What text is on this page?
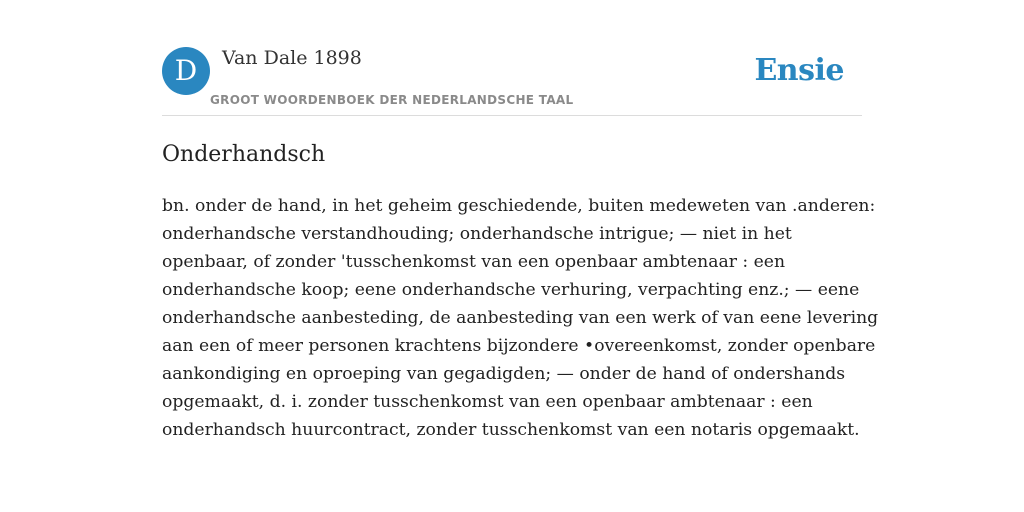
D	Van Dale 1898
GROOT WOORDENBOEK DER NEDERLANDSCHE TAAL
Ensie
Onderhandsch

bn. onder de hand, in het geheim geschiedende, buiten medeweten van .anderen:
onderhandsche verstandhouding; onderhandsche intrigue; — niet in het
openbaar, of zonder 'tusschenkomst van een openbaar ambtenaar : een
onderhandsche koop; eene onderhandsche verhuring, verpachting enz.; — eene
onderhandsche aanbesteding, de aanbesteding van een werk of van eene levering
aan een of meer personen krachtens bijzondere •overeenkomst, zonder openbare
aankondiging en oproeping van gegadigden; — onder de hand of ondershands
opgemaakt, d. i. zonder tusschenkomst van een openbaar ambtenaar : een
onderhandsch huurcontract, zonder tusschenkomst van een notaris opgemaakt.
